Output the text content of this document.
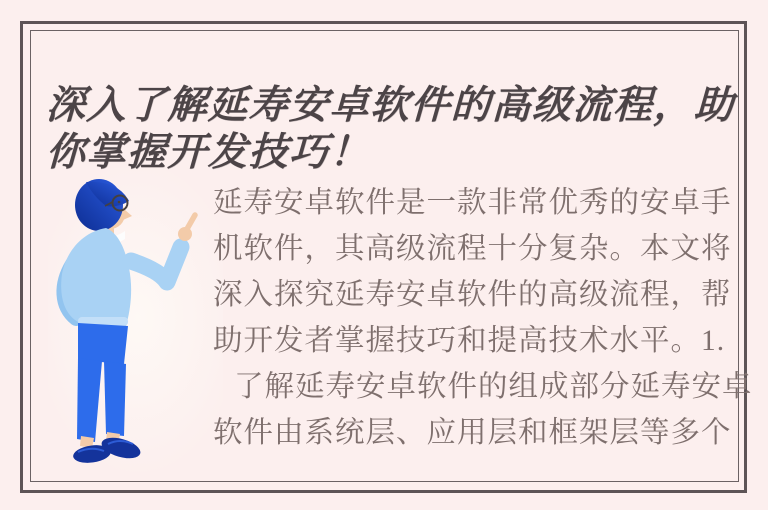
深入了解延寿安卓软件的高级流程，助
你掌握开发技巧！
延寿安卓软件是一款非常优秀的安卓手
机软件，其高级流程十分复杂。本文将
深入探究延寿安卓软件的高级流程，帮
助开发者掌握技巧和提高技术水平。1.
了解延寿安卓软件的组成部分延寿安卓
软件由系统层、应用层和框架层等多个
